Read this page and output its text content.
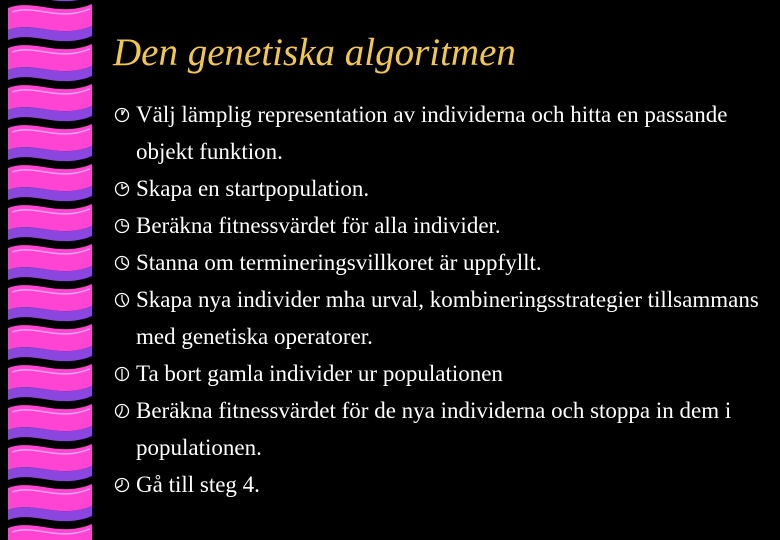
Den genetiska algoritmen
Välj lämplig representation av individerna och hitta en passande objekt funktion.
Skapa en startpopulation.
Beräkna fitnessvärdet för alla individer.
Stanna om termineringsvillkoret är uppfyllt.
Skapa nya individer mha urval, kombineringsstrategier tillsammans med genetiska operatorer.
Ta bort gamla individer ur populationen
Beräkna fitnessvärdet för de nya individerna och stoppa in dem i populationen.
Gå till steg 4.
